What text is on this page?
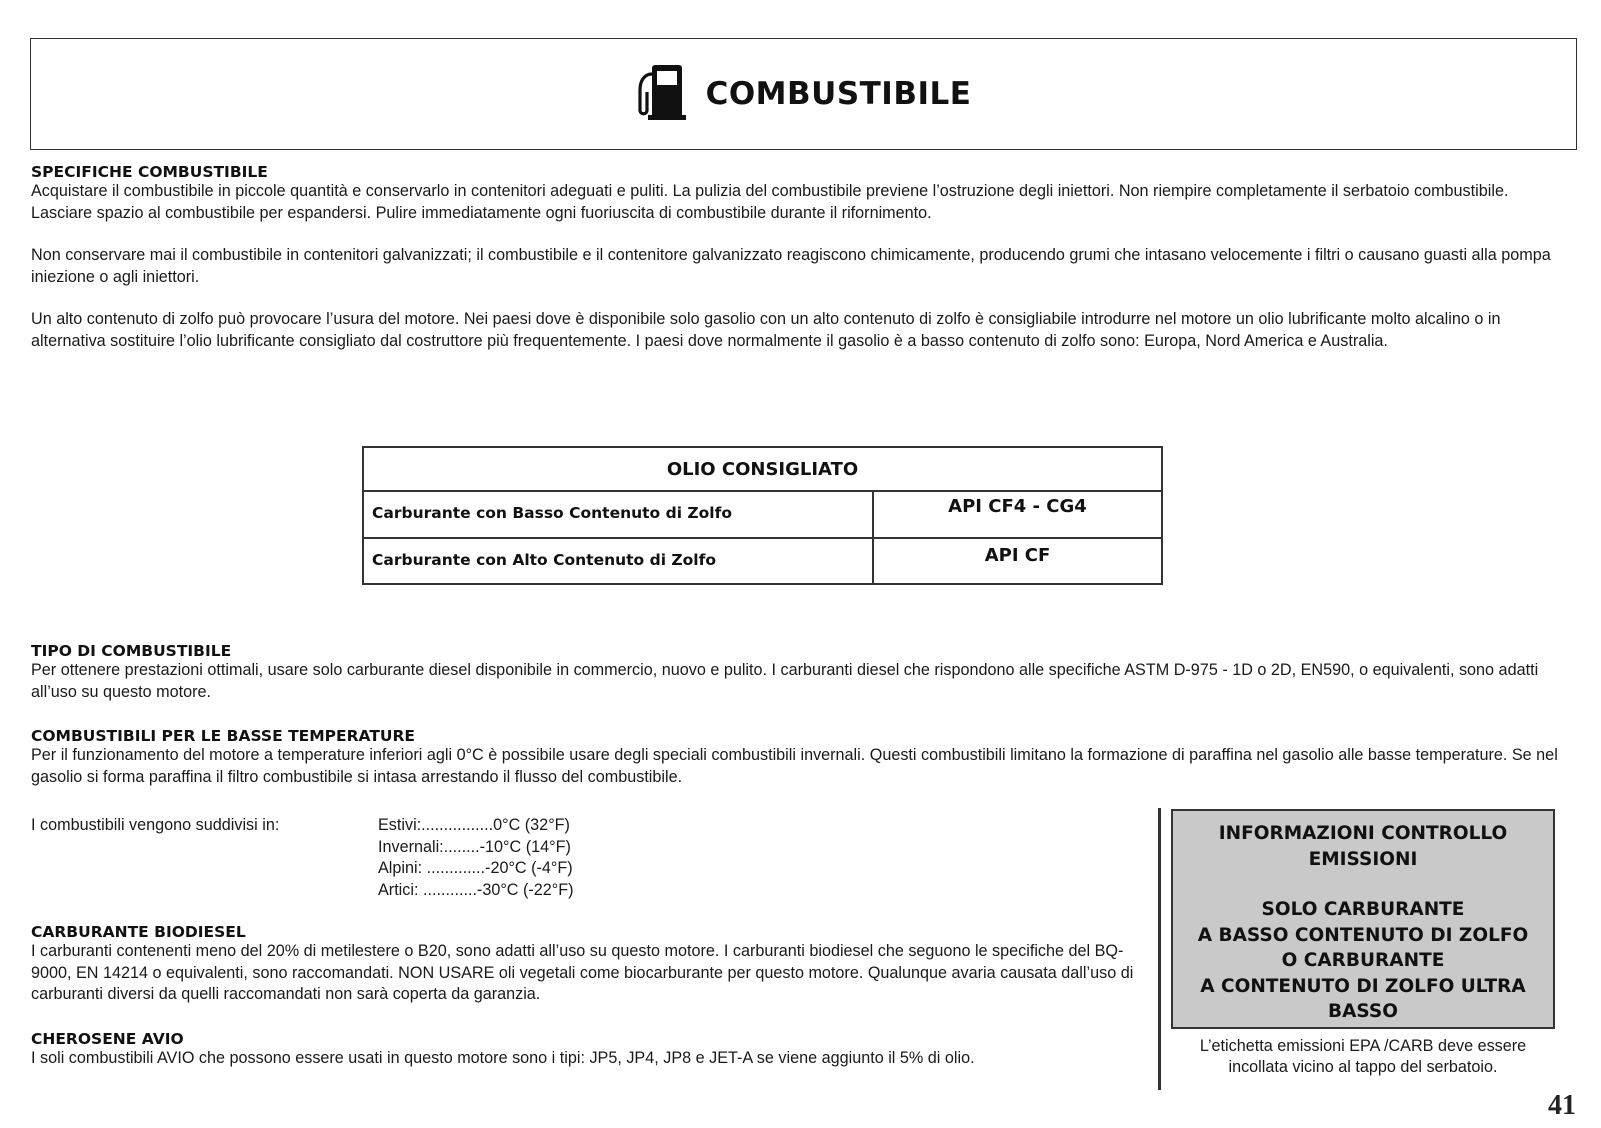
COMBUSTIBILE

SPECIFICHE COMBUSTIBILE

Acquistare il combustibile in piccole quantità e conservarlo in contenitori adeguati e puliti. La pulizia del combustibile previene l’ostruzione degli iniettori. Non riempire completamente il serbatoio combustibile. Lasciare spazio al combustibile per espandersi. Pulire immediatamente ogni fuoriuscita di combustibile durante il rifornimento.

Non conservare mai il combustibile in contenitori galvanizzati; il combustibile e il contenitore galvanizzato reagiscono chimicamente, producendo grumi che intasano velocemente i filtri o causano guasti alla pompa iniezione o agli iniettori.

Un alto contenuto di zolfo può provocare l’usura del motore. Nei paesi dove è disponibile solo gasolio con un alto contenuto di zolfo è consigliabile introdurre nel motore un olio lubrificante molto alcalino o in alternativa sostituire l’olio lubrificante consigliato dal costruttore più frequentemente. I paesi dove normalmente il gasolio è a basso contenuto di zolfo sono: Europa, Nord America e Australia.

OLIO CONSIGLIATO
Carburante con Basso Contenuto di Zolfo	API CF4 - CG4
Carburante con Alto Contenuto di Zolfo	API CF

TIPO DI COMBUSTIBILE

Per ottenere prestazioni ottimali, usare solo carburante diesel disponibile in commercio, nuovo e pulito. I carburanti diesel che rispondono alle specifiche ASTM D-975 - 1D o 2D, EN590, o equivalenti, sono adatti all’uso su questo motore.

COMBUSTIBILI PER LE BASSE TEMPERATURE

Per il funzionamento del motore a temperature inferiori agli 0°C è possibile usare degli speciali combustibili invernali. Questi combustibili limitano la formazione di paraffina nel gasolio alle basse temperature. Se nel gasolio si forma paraffina il filtro combustibile si intasa arrestando il flusso del combustibile.

I combustibili vengono suddivisi in:	Estivi:................0°C (32°F)
Invernali:........-10°C (14°F)
Alpini: .............-20°C (-4°F)
Artici: ............-30°C (-22°F)

CARBURANTE BIODIESEL

I carburanti contenenti meno del 20% di metilestere o B20, sono adatti all’uso su questo motore. I carburanti biodiesel che seguono le specifiche del BQ-9000, EN 14214 o equivalenti, sono raccomandati. NON USARE oli vegetali come biocarburante per questo motore. Qualunque avaria causata dall’uso di carburanti diversi da quelli raccomandati non sarà coperta da garanzia.

CHEROSENE AVIO

I soli combustibili AVIO che possono essere usati in questo motore sono i tipi: JP5, JP4, JP8 e JET-A se viene aggiunto il 5% di olio.

INFORMAZIONI CONTROLLO
EMISSIONI
SOLO CARBURANTE
A BASSO CONTENUTO DI ZOLFO
O CARBURANTE
A CONTENUTO DI ZOLFO ULTRA
BASSO
L’etichetta emissioni EPA /CARB deve essere incollata vicino al tappo del serbatoio.
41
